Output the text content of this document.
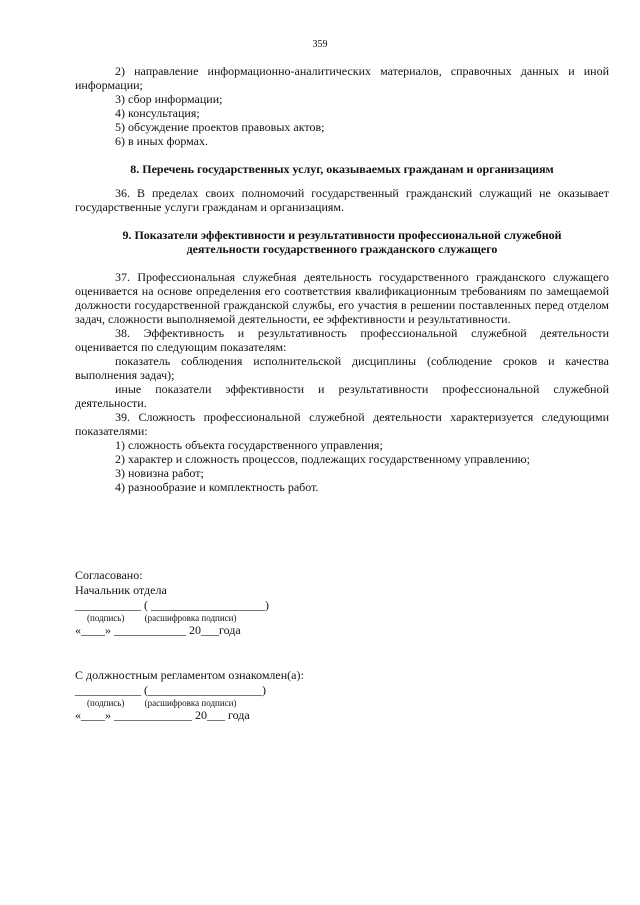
359

2) направление информационно-аналитических материалов, справочных данных и иной информации;

3) сбор информации;

4) консультация;

5) обсуждение проектов правовых актов;

6) в иных формах.

8. Перечень государственных услуг, оказываемых гражданам и организациям

36. В пределах своих полномочий государственный гражданский служащий не оказывает государственные услуги гражданам и организациям.

9. Показатели эффективности и результативности профессиональной служебной

деятельности государственного гражданского служащего

37. Профессиональная служебная деятельность государственного гражданского служащего оценивается на основе определения его соответствия квалификационным требованиям по замещаемой должности государственной гражданской службы, его участия в решении поставленных перед отделом задач, сложности выполняемой деятельности, ее эффективности и результативности.

38. Эффективность и результативность профессиональной служебной деятельности оценивается по следующим показателям:

показатель соблюдения исполнительской дисциплины (соблюдение сроков и качества выполнения задач);

иные показатели эффективности и результативности профессиональной служебной деятельности.

39. Сложность профессиональной служебной деятельности характеризуется следующими показателями:

1) сложность объекта государственного управления;

2) характер и сложность процессов, подлежащих государственному управлению;

3) новизна работ;

4) разнообразие и комплектность работ.

Согласовано:

Начальник отдела

___________ ( ___________________)

(подпись)         (расшифровка подписи)

«____» ____________ 20___года

С должностным регламентом ознакомлен(а):

___________ (___________________)

(подпись)         (расшифровка подписи)

«____» _____________ 20___ года
